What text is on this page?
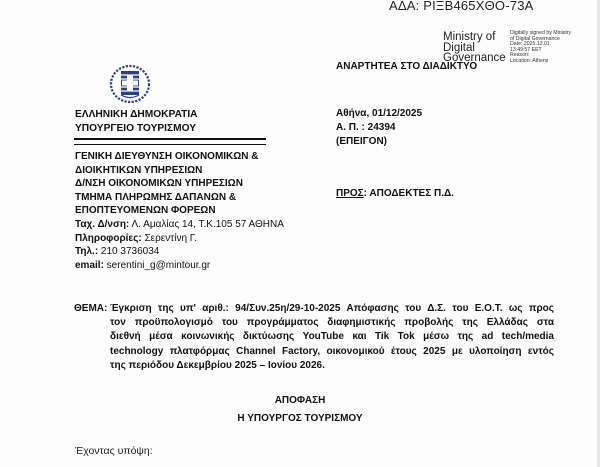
ΑΔΑ: ΡΙΞΒ465ΧΘΟ-73Α
Ministry of
Digital
Governance
Digitally signed by Ministry
of Digital Governance
Date: 2025.12.01
13:49:57 EET
Reason:
Location: Athens
ΕΛΛΗΝΙΚΗ ΔΗΜΟΚΡΑΤΙΑ
ΥΠΟΥΡΓΕΙΟ ΤΟΥΡΙΣΜΟΥ
ΓΕΝΙΚΗ ΔΙΕΥΘΥΝΣΗ ΟΙΚΟΝΟΜΙΚΩΝ &
ΔΙΟΙΚΗΤΙΚΩΝ ΥΠΗΡΕΣΙΩΝ
Δ/ΝΣΗ ΟΙΚΟΝΟΜΙΚΩΝ ΥΠΗΡΕΣΙΩΝ
ΤΜΗΜΑ ΠΛΗΡΩΜΗΣ ΔΑΠΑΝΩΝ &
ΕΠΟΠΤΕΥΟΜΕΝΩΝ ΦΟΡΕΩΝ
Ταχ. Δ/νση: Λ. Αμαλίας 14, Τ.Κ.105 57 ΑΘΗΝΑ
Πληροφορίες: Σερεντίνη Γ.
Τηλ.: 210 3736034
email: serentini_g@mintour.gr
ΑΝΑΡΤΗΤΕΑ ΣΤΟ ΔΙΑΔΙΚΤΥΟ
Αθήνα, 01/12/2025
Α. Π. : 24394
(ΕΠΕΙΓΟΝ)
ΠΡΟΣ: ΑΠΟΔΕΚΤΕΣ Π.Δ.
ΘΕΜΑ: Έγκριση της υπ' αριθ.: 94/Συν.25η/29-10-2025 Απόφασης του Δ.Σ. του Ε.Ο.Τ. ως προς
τον προϋπολογισμό του προγράμματος διαφημιστικής προβολής της Ελλάδας στα
διεθνή μέσα κοινωνικής δικτύωσης YouTube και Tik Tok μέσω της ad tech/media
technology πλατφόρμας Channel Factory, οικονομικού έτους 2025 με υλοποίηση εντός
της περιόδου Δεκεμβρίου 2025 – Ιονίου 2026.
ΑΠΟΦΑΣΗ
Η ΥΠΟΥΡΓΟΣ ΤΟΥΡΙΣΜΟΥ
Έχοντας υπόψη:
